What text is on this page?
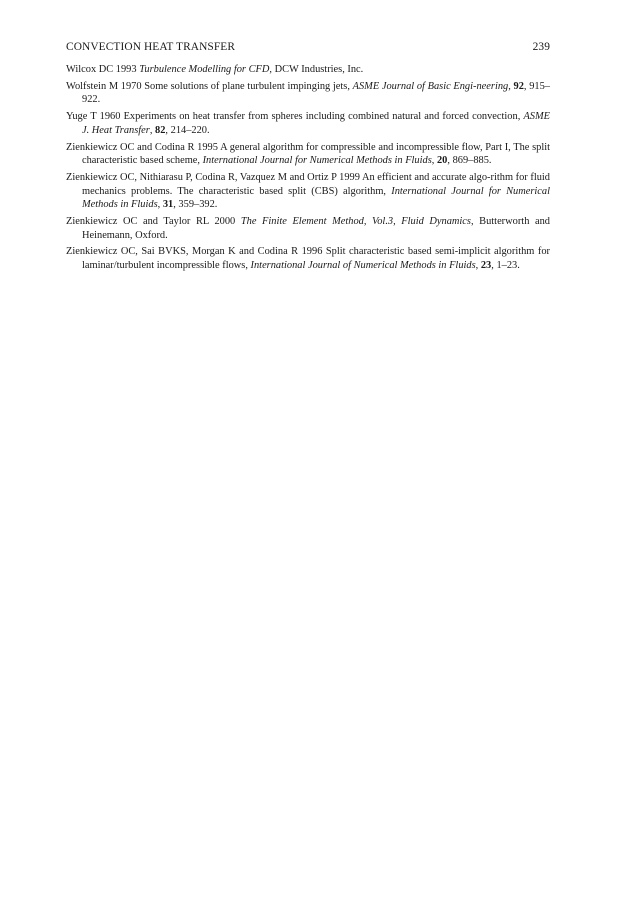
CONVECTION HEAT TRANSFER	239

Wilcox DC 1993 Turbulence Modelling for CFD, DCW Industries, Inc.

Wolfstein M 1970 Some solutions of plane turbulent impinging jets, ASME Journal of Basic Engi-neering, 92, 915–922.

Yuge T 1960 Experiments on heat transfer from spheres including combined natural and forced convection, ASME J. Heat Transfer, 82, 214–220.

Zienkiewicz OC and Codina R 1995 A general algorithm for compressible and incompressible flow, Part I, The split characteristic based scheme, International Journal for Numerical Methods in Fluids, 20, 869–885.

Zienkiewicz OC, Nithiarasu P, Codina R, Vazquez M and Ortiz P 1999 An efficient and accurate algo-rithm for fluid mechanics problems. The characteristic based split (CBS) algorithm, International Journal for Numerical Methods in Fluids, 31, 359–392.

Zienkiewicz OC and Taylor RL 2000 The Finite Element Method, Vol.3, Fluid Dynamics, Butterworth and Heinemann, Oxford.

Zienkiewicz OC, Sai BVKS, Morgan K and Codina R 1996 Split characteristic based semi-implicit algorithm for laminar/turbulent incompressible flows, International Journal of Numerical Methods in Fluids, 23, 1–23.
